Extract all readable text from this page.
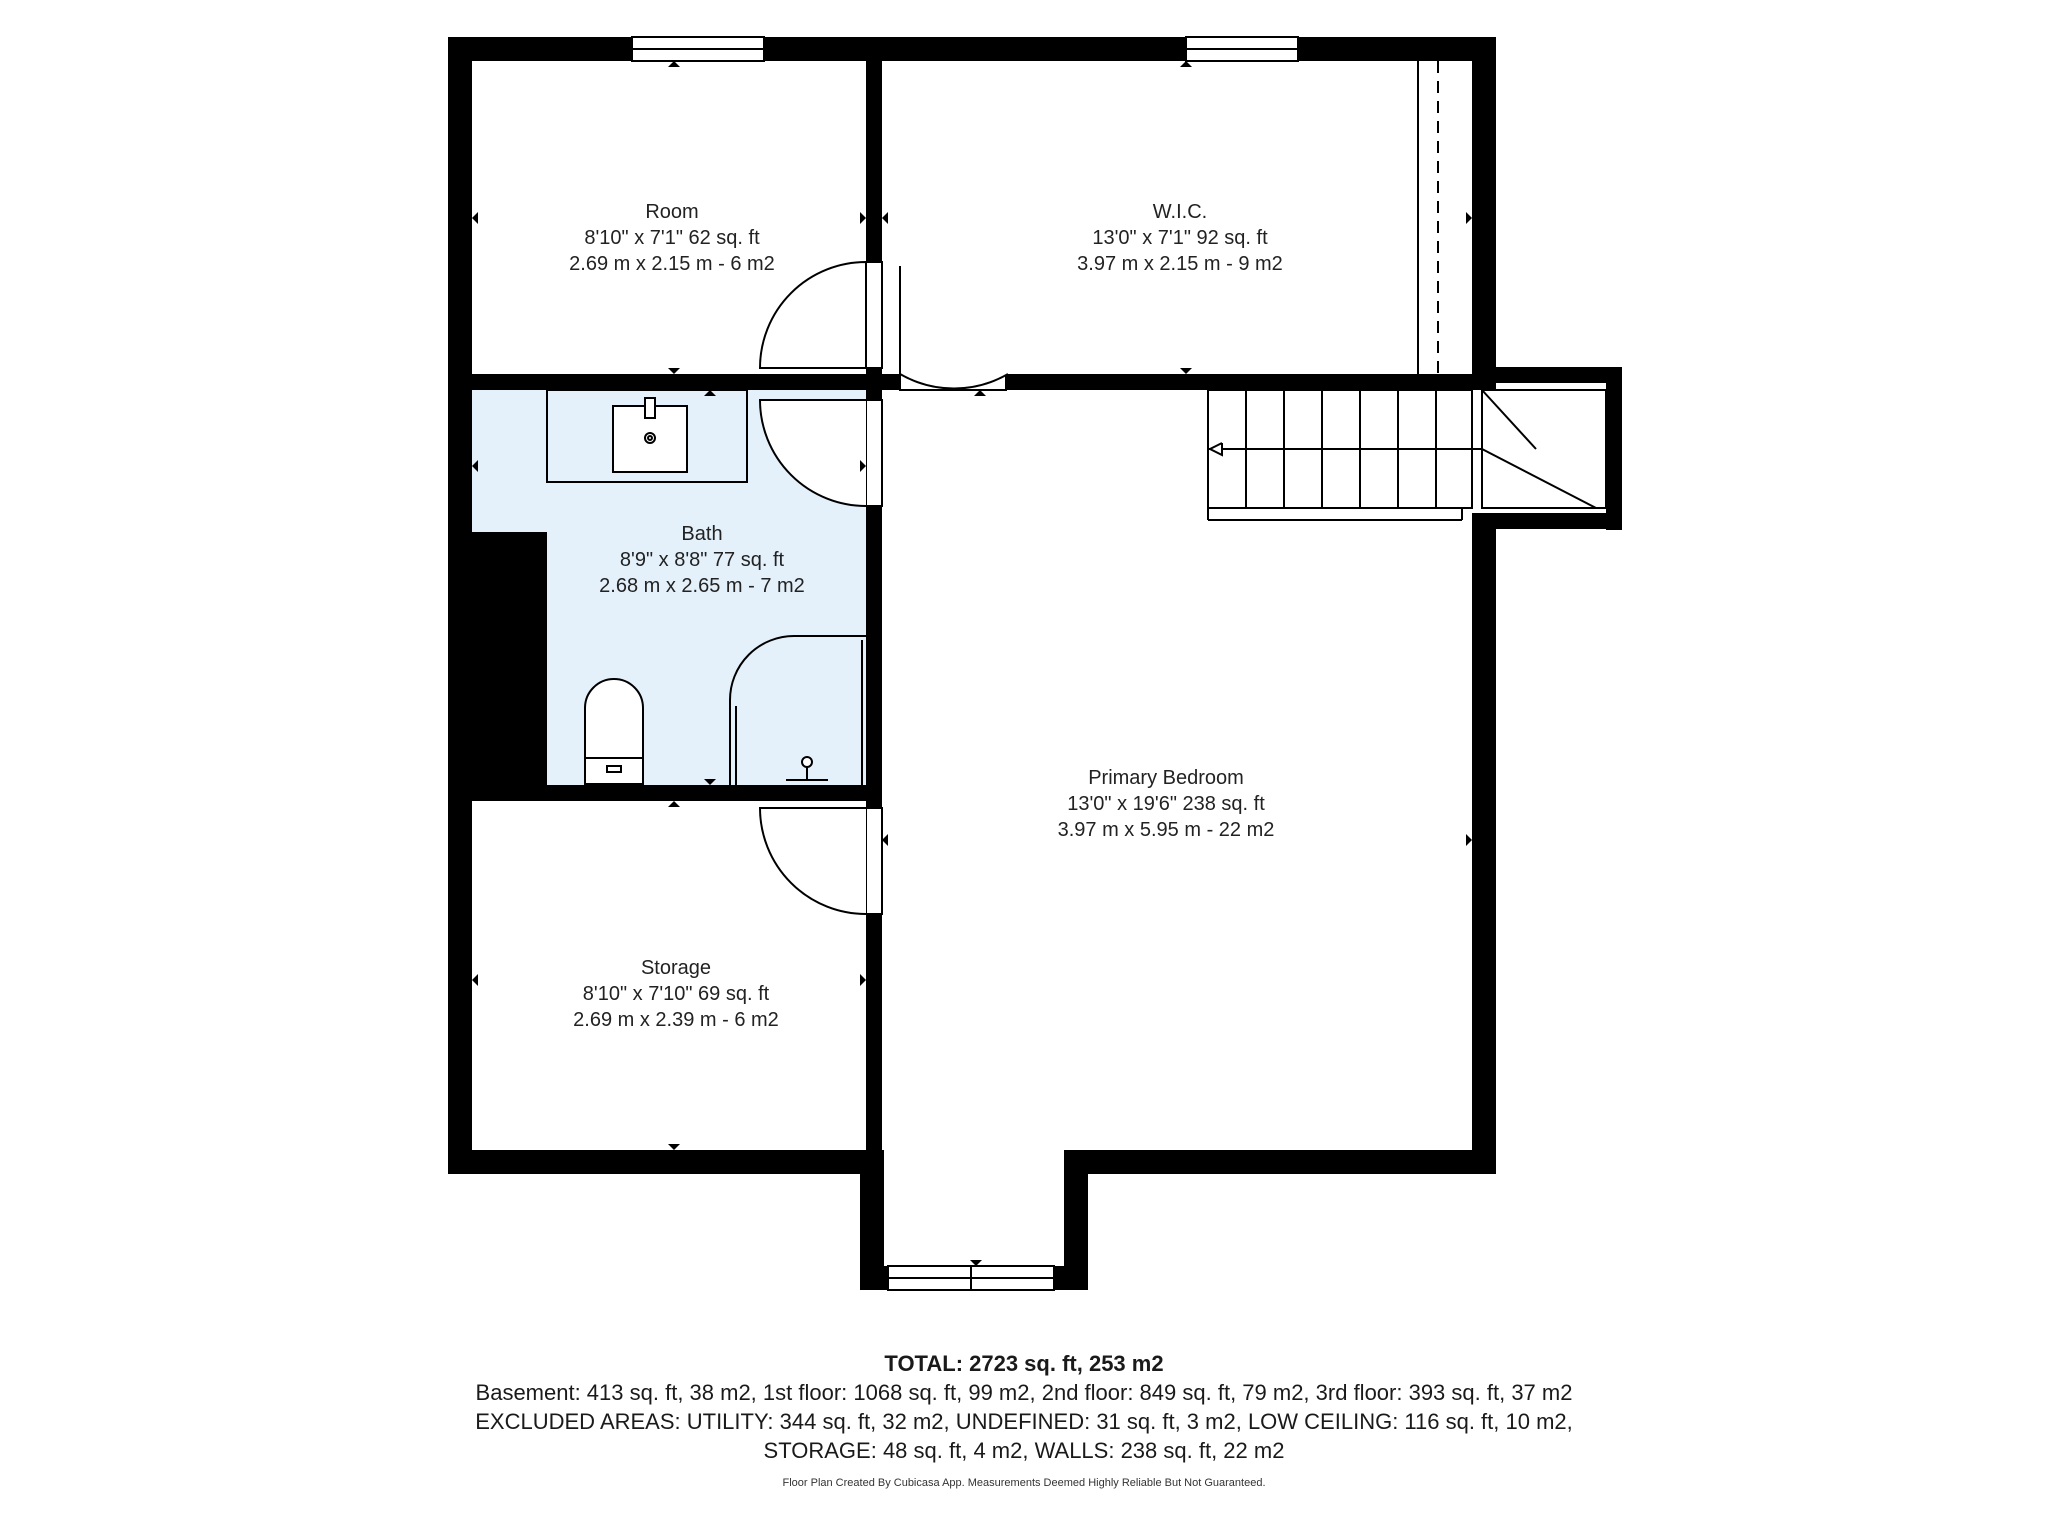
Room
8'10" x 7'1" 62 sq. ft
2.69 m x 2.15 m - 6 m2
W.I.C.
13'0" x 7'1" 92 sq. ft
3.97 m x 2.15 m - 9 m2
Bath
8'9" x 8'8" 77 sq. ft
2.68 m x 2.65 m - 7 m2
Primary Bedroom
13'0" x 19'6" 238 sq. ft
3.97 m x 5.95 m - 22 m2
Storage
8'10" x 7'10" 69 sq. ft
2.69 m x 2.39 m - 6 m2
TOTAL: 2723 sq. ft, 253 m2
Basement: 413 sq. ft, 38 m2, 1st floor: 1068 sq. ft, 99 m2, 2nd floor: 849 sq. ft, 79 m2, 3rd floor: 393 sq. ft, 37 m2
EXCLUDED AREAS: UTILITY: 344 sq. ft, 32 m2, UNDEFINED: 31 sq. ft, 3 m2, LOW CEILING: 116 sq. ft, 10 m2,
STORAGE: 48 sq. ft, 4 m2, WALLS: 238 sq. ft, 22 m2
Floor Plan Created By Cubicasa App. Measurements Deemed Highly Reliable But Not Guaranteed.
